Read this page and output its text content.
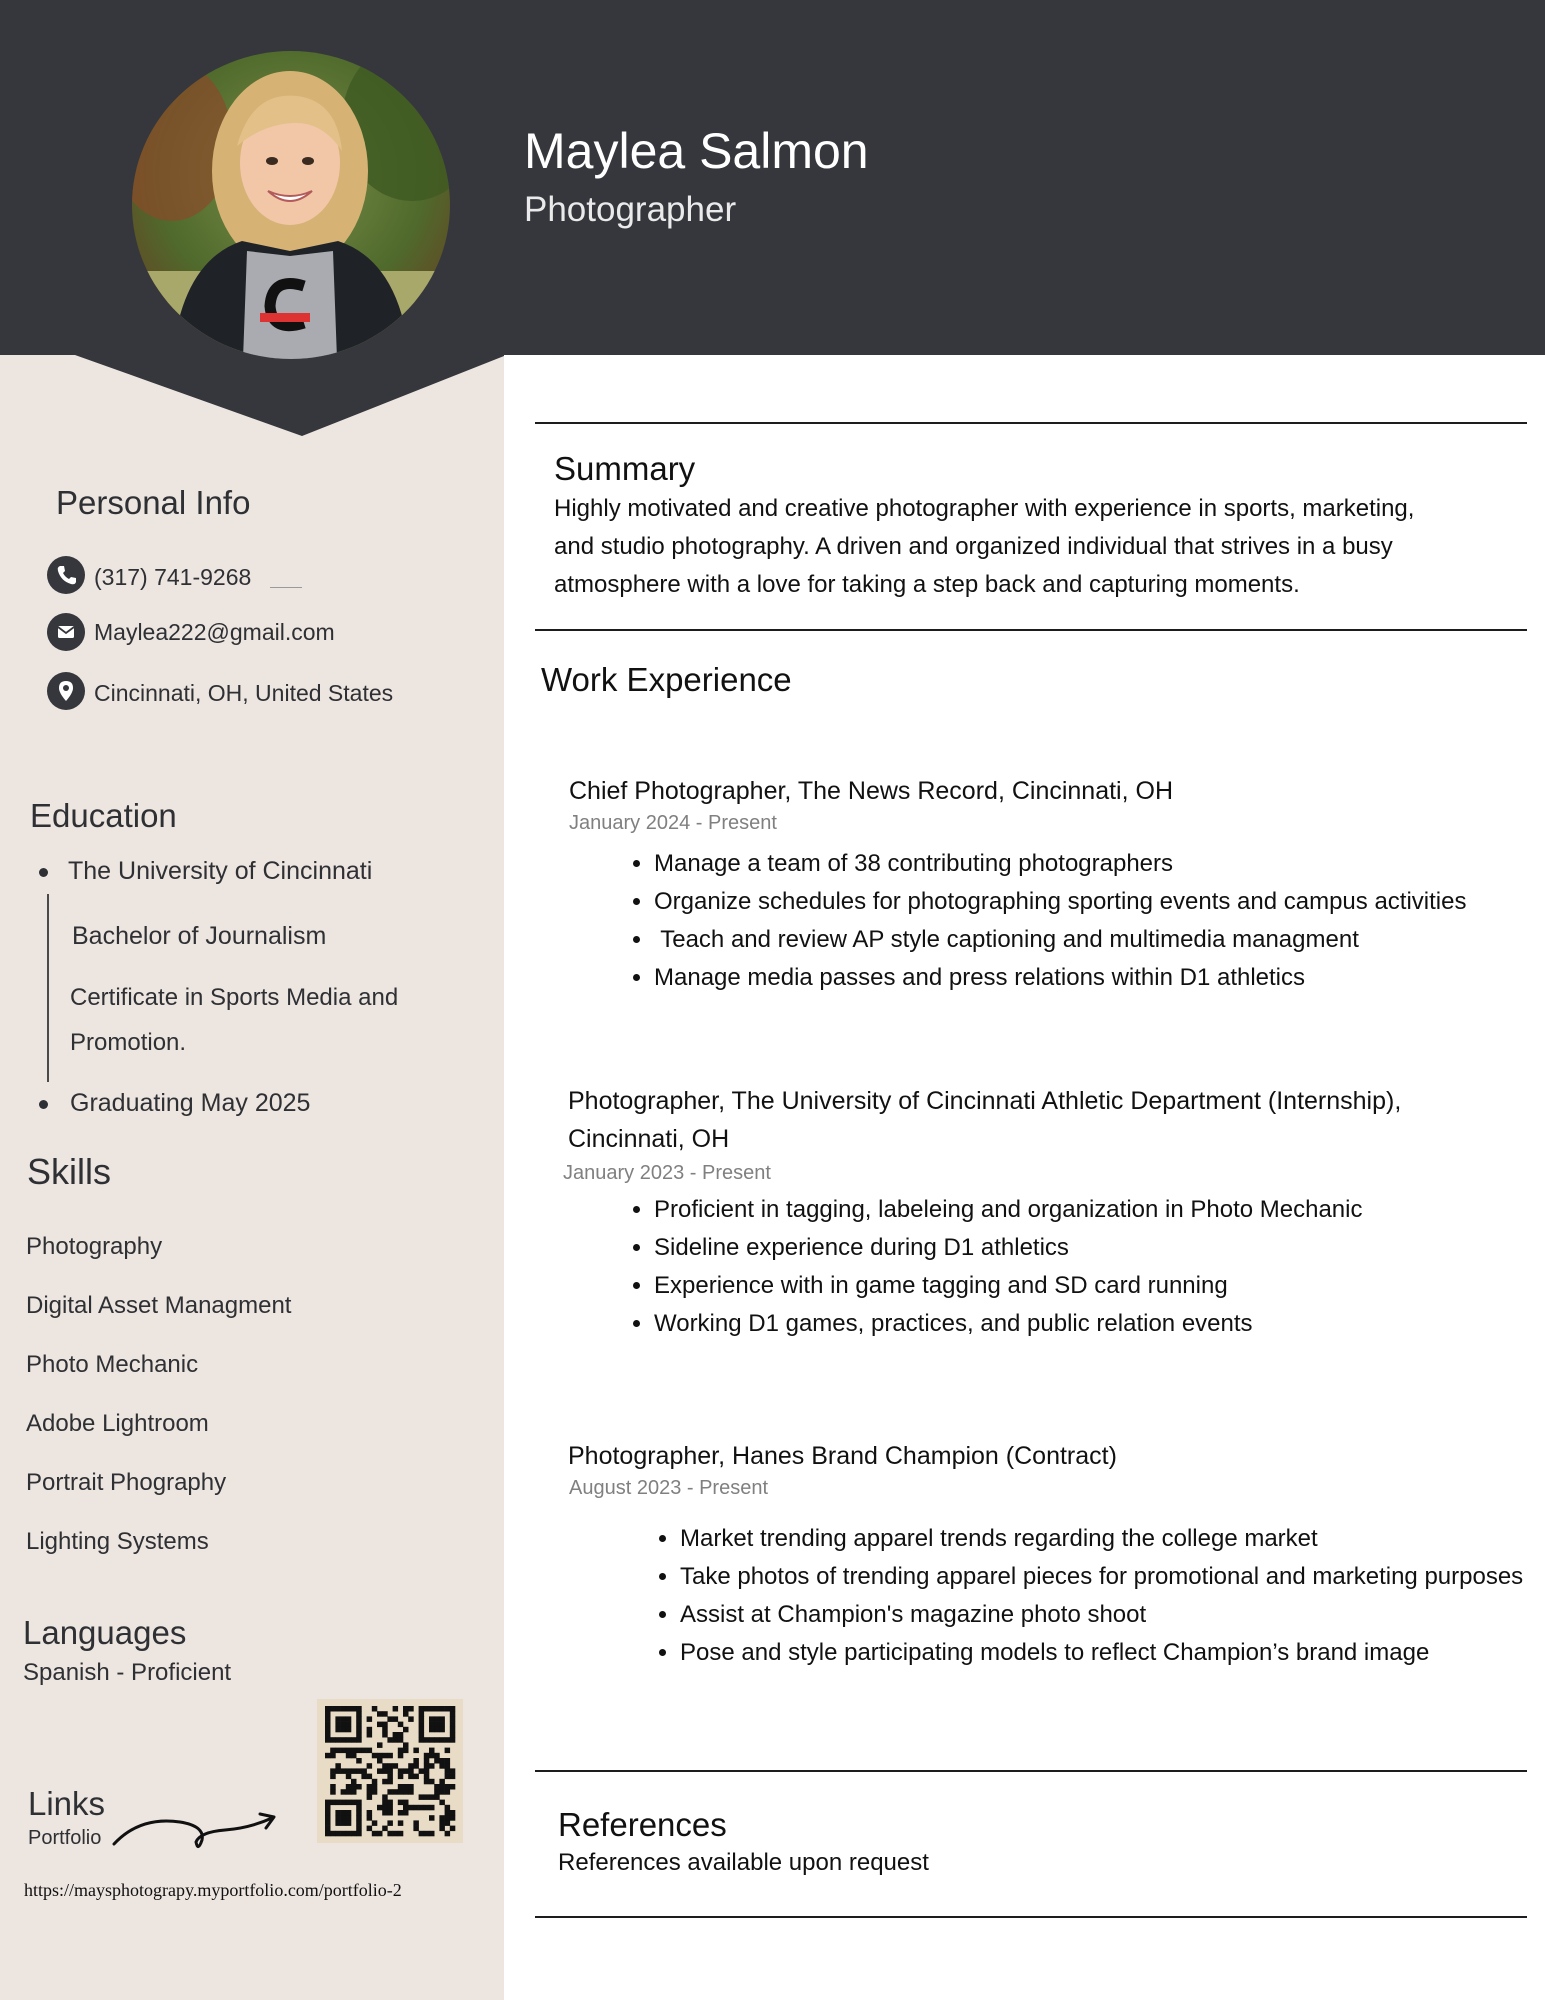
Maylea Salmon
Photographer
Personal Info
(317) 741-9268
Maylea222@gmail.com
Cincinnati, OH, United States
Education
The University of Cincinnati
Bachelor of Journalism
Certificate in Sports Media and
Promotion.
Graduating May 2025
Skills
Photography
Digital Asset Managment
Photo Mechanic
Adobe Lightroom
Portrait Phography
Lighting Systems
Languages
Spanish - Proficient
Links
Portfolio
https://maysphotograpy.myportfolio.com/portfolio-2
Summary
Highly motivated and creative photographer with experience in sports, marketing,
and studio photography. A driven and organized individual that strives in a busy
atmosphere with a love for taking a step back and capturing moments.
Work Experience
Chief Photographer, The News Record, Cincinnati, OH
January 2024 - Present
• Manage a team of 38 contributing photographers
• Organize schedules for photographing sporting events and campus activities
•  Teach and review AP style captioning and multimedia managment
• Manage media passes and press relations within D1 athletics
Photographer, The University of Cincinnati Athletic Department (Internship),
Cincinnati, OH
January 2023 - Present
• Proficient in tagging, labeleing and organization in Photo Mechanic
• Sideline experience during D1 athletics
• Experience with in game tagging and SD card running
• Working D1 games, practices, and public relation events
Photographer, Hanes Brand Champion (Contract)
August 2023 - Present
• Market trending apparel trends regarding the college market
• Take photos of trending apparel pieces for promotional and marketing purposes
• Assist at Champion's magazine photo shoot
• Pose and style participating models to reflect Champion’s brand image
References
References available upon request
